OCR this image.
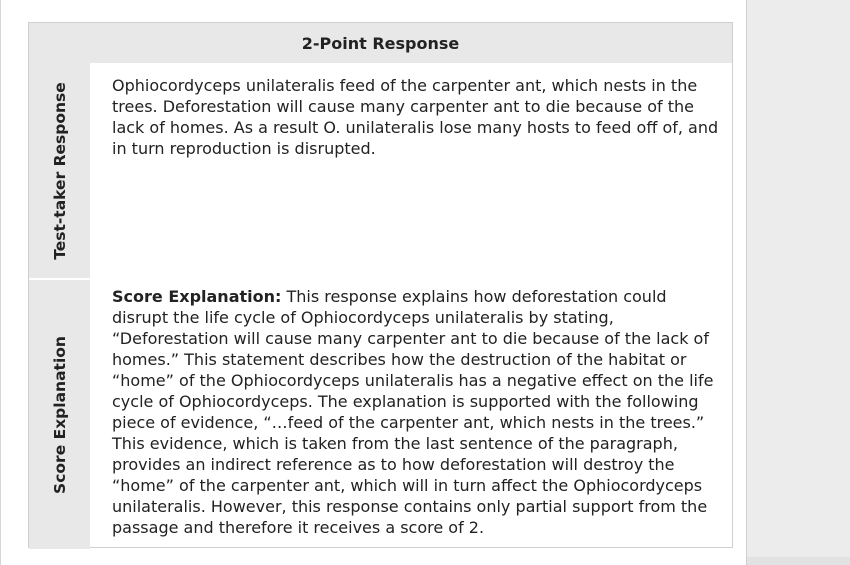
2-Point Response
Test-taker Response	Ophiocordyceps unilateralis feed of the carpenter ant, which nests in the trees. Deforestation will cause many carpenter ant to die because of the lack of homes. As a result O. unilateralis lose many hosts to feed off of, and in turn reproduction is disrupted.
Score Explanation
Score Explanation: This response explains how deforestation could disrupt the life cycle of Ophiocordyceps unilateralis by stating, “Deforestation will cause many carpenter ant to die because of the lack of homes.” This statement describes how the destruction of the habitat or “home” of the Ophiocordyceps unilateralis has a negative effect on the life cycle of Ophiocordyceps. The explanation is supported with the following piece of evidence, “…feed of the carpenter ant, which nests in the trees.” This evidence, which is taken from the last sentence of the paragraph, provides an indirect reference as to how deforestation will destroy the “home” of the carpenter ant, which will in turn affect the Ophiocordyceps unilateralis. However, this response contains only partial support from the passage and therefore it receives a score of 2.
